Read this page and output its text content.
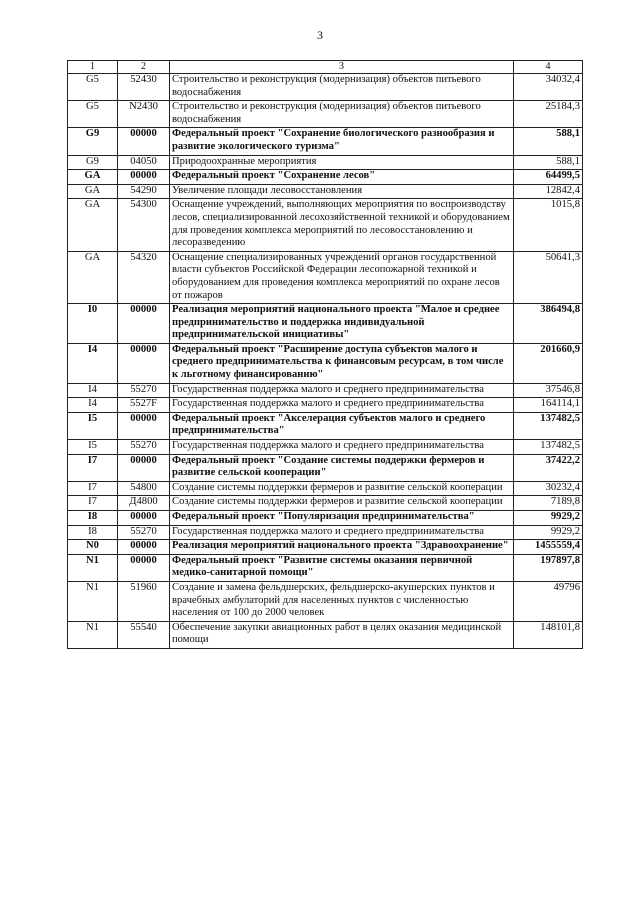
3
1	2	3	4
G5	52430	Строительство и реконструкция (модернизация) объектов питьевого водоснабжения	34032,4
G5	N2430	Строительство и реконструкция (модернизация) объектов питьевого водоснабжения	25184,3
G9	00000	Федеральный проект "Сохранение биологического разнообразия и развитие экологического туризма"	588,1
G9	04050	Природоохранные мероприятия	588,1
GA	00000	Федеральный проект "Сохранение лесов"	64499,5
GA	54290	Увеличение площади лесовосстановления	12842,4
GA	54300	Оснащение учреждений, выполняющих мероприятия по воспроизводству лесов, специализированной лесохозяйственной техникой и оборудованием для проведения комплекса мероприятий по лесовосстановлению и лесоразведению	1015,8
GA	54320	Оснащение специализированных учреждений органов государственной власти субъектов Российской Федерации лесопожарной техникой и оборудованием для проведения комплекса мероприятий по охране лесов от пожаров	50641,3
I0	00000	Реализация мероприятий национального проекта "Малое и среднее предпринимательство и поддержка индивидуальной предпринимательской инициативы"	386494,8
I4	00000	Федеральный проект "Расширение доступа субъектов малого и среднего предпринимательства к финансовым ресурсам, в том числе к льготному финансированию"	201660,9
I4	55270	Государственная поддержка малого и среднего предпринимательства	37546,8
I4	5527F	Государственная поддержка малого и среднего предпринимательства	164114,1
I5	00000	Федеральный проект "Акселерация субъектов малого и среднего предпринимательства"	137482,5
I5	55270	Государственная поддержка малого и среднего предпринимательства	137482,5
I7	00000	Федеральный проект "Создание системы поддержки фермеров и развитие сельской кооперации"	37422,2
I7	54800	Создание системы поддержки фермеров и развитие сельской кооперации	30232,4
I7	Д4800	Создание системы поддержки фермеров и развитие сельской кооперации	7189,8
I8	00000	Федеральный проект "Популяризация предпринимательства"	9929,2
I8	55270	Государственная поддержка малого и среднего предпринимательства	9929,2
N0	00000	Реализация мероприятий национального проекта "Здравоохранение"	1455559,4
N1	00000	Федеральный проект "Развитие системы оказания первичной медико-санитарной помощи"	197897,8
N1	51960	Создание и замена фельдшерских, фельдшерско-акушерских пунктов и врачебных амбулаторий для населенных пунктов с численностью населения от 100 до 2000 человек	49796
N1	55540	Обеспечение закупки авиационных работ в целях оказания медицинской помощи	148101,8
